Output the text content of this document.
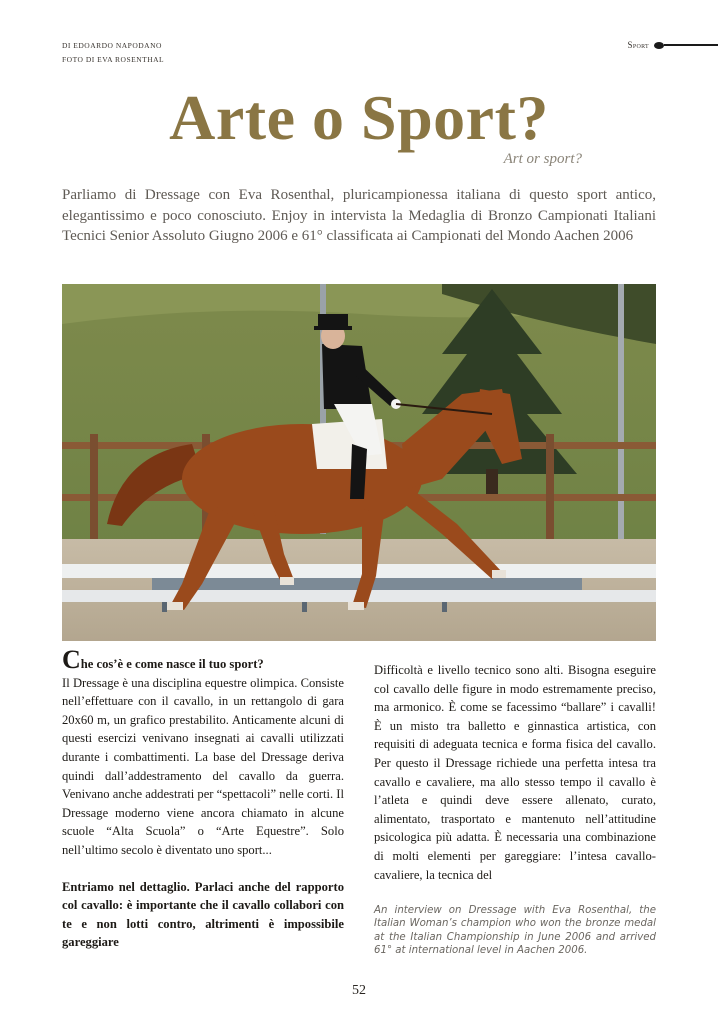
DI EDOARDO NAPODANO
FOTO DI EVA ROSENTHAL
Sport
Arte o Sport?
Art or sport?

Parliamo di Dressage con Eva Rosenthal, pluricampionessa italiana di questo sport antico, elegantissimo e poco conosciuto. Enjoy in intervista la Medaglia di Bronzo Campionati Italiani Tecnici Senior Assoluto Giugno 2006 e 61° classificata ai Campionati del Mondo Aachen 2006

Che cos’è e come nasce il tuo sport?

Il Dressage è una disciplina equestre olimpica. Consiste nell’effettuare con il cavallo, in un rettangolo di gara 20x60 m, un grafico prestabilito. Anticamente alcuni di questi esercizi venivano insegnati ai cavalli utilizzati durante i combattimenti. La base del Dressage deriva quindi dall’addestramento del cavallo da guerra. Venivano anche addestrati per “spettacoli” nelle corti. Il Dressage moderno viene ancora chiamato in alcune scuole “Alta Scuola” o “Arte Equestre”. Solo nell’ultimo secolo è diventato uno sport...

Entriamo nel dettaglio. Parlaci anche del rapporto col cavallo: è importante che il cavallo collabori con te e non lotti contro, altrimenti è impossibile gareggiare

Difficoltà e livello tecnico sono alti. Bisogna eseguire col cavallo delle figure in modo estremamente preciso, ma armonico. È come se facessimo “ballare” i cavalli! È un misto tra balletto e ginnastica artistica, con requisiti di adeguata tecnica e forma fisica del cavallo. Per questo il Dressage richiede una perfetta intesa tra cavallo e cavaliere, ma allo stesso tempo il cavallo è l’atleta e quindi deve essere allenato, curato, alimentato, trasportato e mantenuto nell’attitudine psicologica più adatta. È necessaria una combinazione di molti elementi per gareggiare: l’intesa cavallo-cavaliere, la tecnica del

An interview on Dressage with Eva Rosenthal, the Italian Woman’s champion who won the bronze medal at the Italian Championship in June 2006 and arrived 61° at international level in Aachen 2006.

52
